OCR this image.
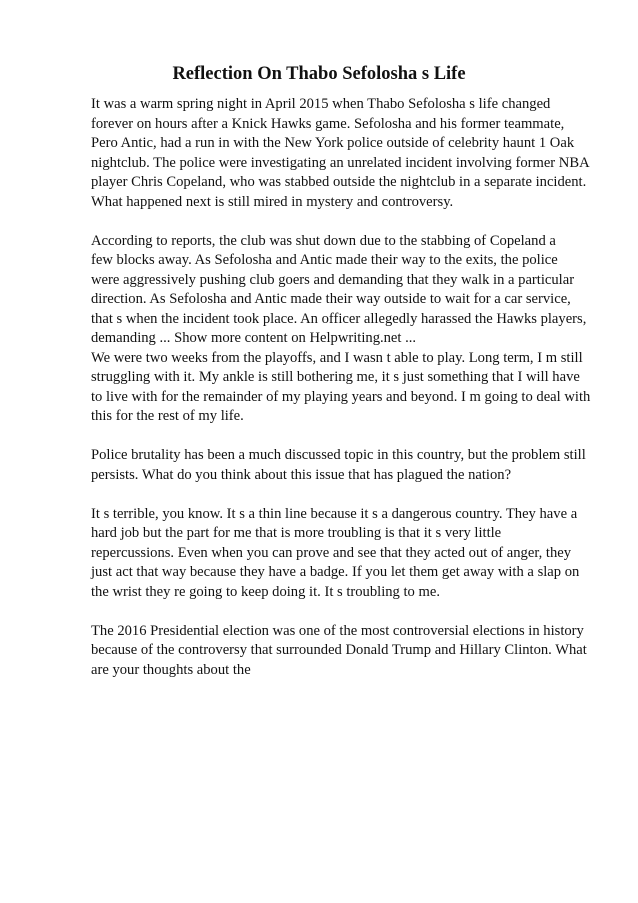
Reflection On Thabo Sefolosha s Life

It was a warm spring night in April 2015 when Thabo Sefolosha s life changed
forever on hours after a Knick Hawks game. Sefolosha and his former teammate,
Pero Antic, had a run in with the New York police outside of celebrity haunt 1 Oak
nightclub. The police were investigating an unrelated incident involving former NBA
player Chris Copeland, who was stabbed outside the nightclub in a separate incident.
What happened next is still mired in mystery and controversy.

According to reports, the club was shut down due to the stabbing of Copeland a
few blocks away. As Sefolosha and Antic made their way to the exits, the police
were aggressively pushing club goers and demanding that they walk in a particular
direction. As Sefolosha and Antic made their way outside to wait for a car service,
that s when the incident took place. An officer allegedly harassed the Hawks players,
demanding ... Show more content on Helpwriting.net ...

We were two weeks from the playoffs, and I wasn t able to play. Long term, I m still
struggling with it. My ankle is still bothering me, it s just something that I will have
to live with for the remainder of my playing years and beyond. I m going to deal with
this for the rest of my life.

Police brutality has been a much discussed topic in this country, but the problem still
persists. What do you think about this issue that has plagued the nation?

It s terrible, you know. It s a thin line because it s a dangerous country. They have a
hard job but the part for me that is more troubling is that it s very little
repercussions. Even when you can prove and see that they acted out of anger, they
just act that way because they have a badge. If you let them get away with a slap on
the wrist they re going to keep doing it. It s troubling to me.

The 2016 Presidential election was one of the most controversial elections in history
because of the controversy that surrounded Donald Trump and Hillary Clinton. What
are your thoughts about the
